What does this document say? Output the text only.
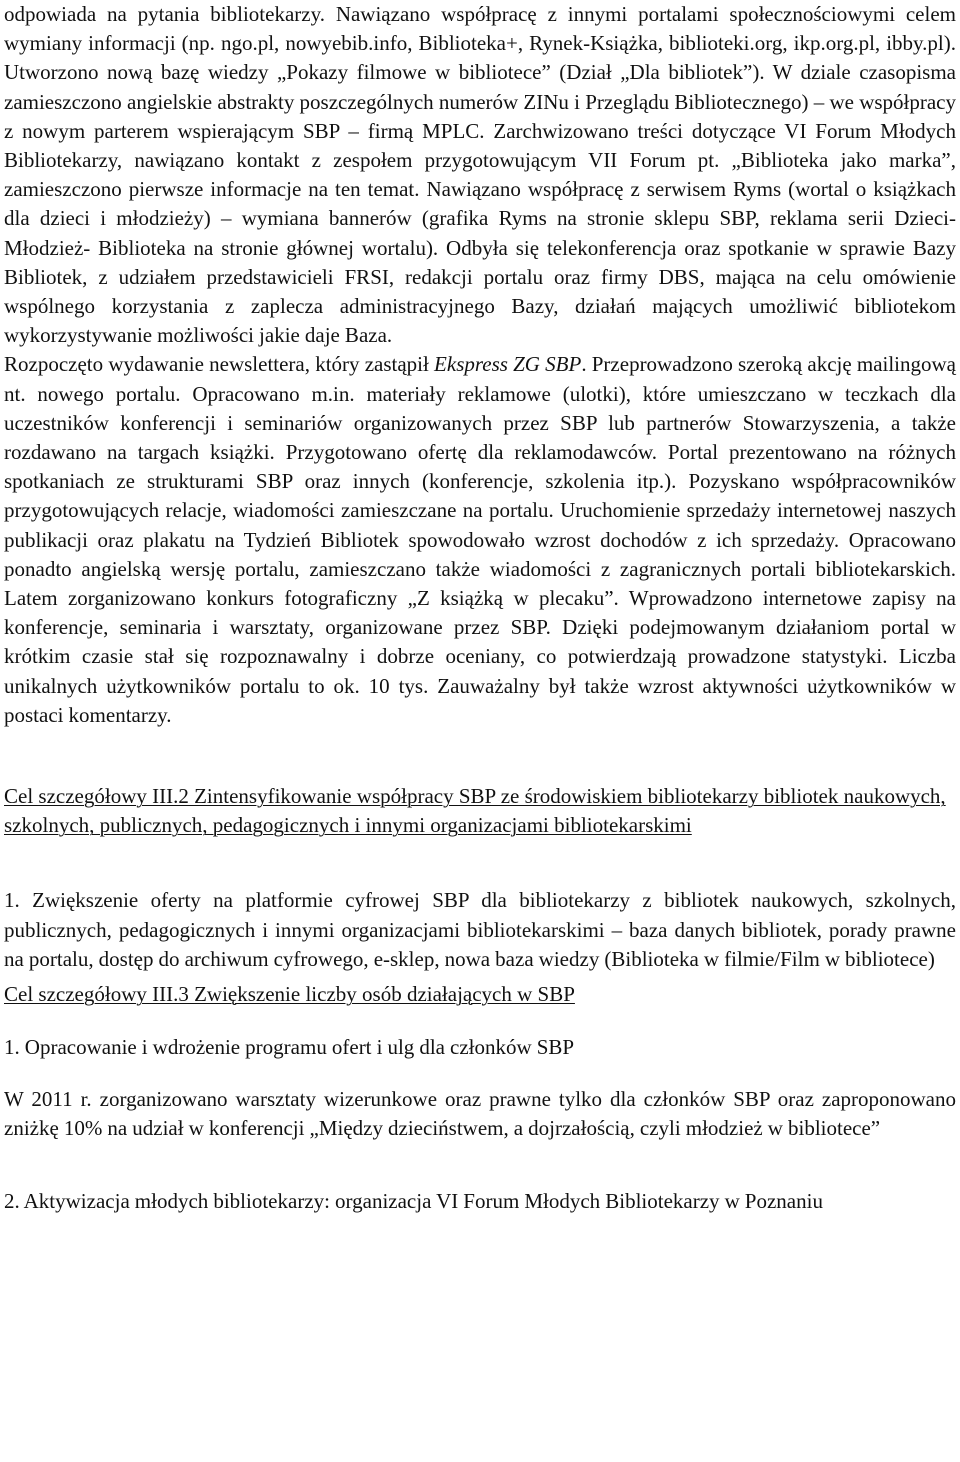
odpowiada na pytania bibliotekarzy. Nawiązano współpracę z innymi portalami społecznościowymi celem wymiany informacji (np. ngo.pl, nowyebib.info, Biblioteka+, Rynek-Książka, biblioteki.org, ikp.org.pl, ibby.pl). Utworzono nową bazę wiedzy „Pokazy filmowe w bibliotece” (Dział „Dla bibliotek”). W dziale czasopisma zamieszczono angielskie abstrakty poszczególnych numerów ZINu i Przeglądu Bibliotecznego) – we współpracy z nowym parterem wspierającym SBP – firmą MPLC. Zarchwizowano treści dotyczące VI Forum Młodych Bibliotekarzy, nawiązano kontakt z zespołem przygotowującym VII Forum pt. „Biblioteka jako marka”, zamieszczono pierwsze informacje na ten temat. Nawiązano współpracę z serwisem Ryms (wortal o książkach dla dzieci i młodzieży) – wymiana bannerów (grafika Ryms na stronie sklepu SBP, reklama serii Dzieci-Młodzież- Biblioteka na stronie głównej wortalu). Odbyła się telekonferencja oraz spotkanie w sprawie Bazy Bibliotek, z udziałem przedstawicieli FRSI, redakcji portalu oraz firmy DBS, mająca na celu omówienie wspólnego korzystania z zaplecza administracyjnego Bazy, działań mających umożliwić bibliotekom wykorzystywanie możliwości jakie daje Baza.
Rozpoczęto wydawanie newslettera, który zastąpił Ekspress ZG SBP. Przeprowadzono szeroką akcję mailingową nt. nowego portalu. Opracowano m.in. materiały reklamowe (ulotki), które umieszczano w teczkach dla uczestników konferencji i seminariów organizowanych przez SBP lub partnerów Stowarzyszenia, a także rozdawano na targach książki. Przygotowano ofertę dla reklamodawców. Portal prezentowano na różnych spotkaniach ze strukturami SBP oraz innych (konferencje, szkolenia itp.). Pozyskano współpracowników przygotowujących relacje, wiadomości zamieszczane na portalu. Uruchomienie sprzedaży internetowej naszych publikacji oraz plakatu na Tydzień Bibliotek spowodowało wzrost dochodów z ich sprzedaży. Opracowano ponadto angielską wersję portalu, zamieszczano także wiadomości z zagranicznych portali bibliotekarskich. Latem zorganizowano konkurs fotograficzny „Z książką w plecaku”. Wprowadzono internetowe zapisy na konferencje, seminaria i warsztaty, organizowane przez SBP. Dzięki podejmowanym działaniom portal w krótkim czasie stał się rozpoznawalny i dobrze oceniany, co potwierdzają prowadzone statystyki. Liczba unikalnych użytkowników portalu to ok. 10 tys. Zauważalny był także wzrost aktywności użytkowników w postaci komentarzy.

Cel szczegółowy III.2 Zintensyfikowanie współpracy SBP ze środowiskiem bibliotekarzy bibliotek naukowych, szkolnych, publicznych, pedagogicznych i innymi organizacjami bibliotekarskimi

1. Zwiększenie oferty na platformie cyfrowej SBP dla bibliotekarzy z bibliotek naukowych, szkolnych, publicznych, pedagogicznych i innymi organizacjami bibliotekarskimi – baza danych bibliotek, porady prawne na portalu, dostęp do archiwum cyfrowego, e-sklep, nowa baza wiedzy (Biblioteka w filmie/Film w bibliotece)

Cel szczegółowy III.3 Zwiększenie liczby osób działających w SBP

1. Opracowanie i wdrożenie programu ofert i ulg dla członków SBP

W 2011 r. zorganizowano warsztaty wizerunkowe oraz prawne tylko dla członków SBP oraz zaproponowano zniżkę 10% na udział w konferencji „Między dzieciństwem, a dojrzałością, czyli młodzież w bibliotece”

2. Aktywizacja młodych bibliotekarzy: organizacja VI Forum Młodych Bibliotekarzy w Poznaniu
